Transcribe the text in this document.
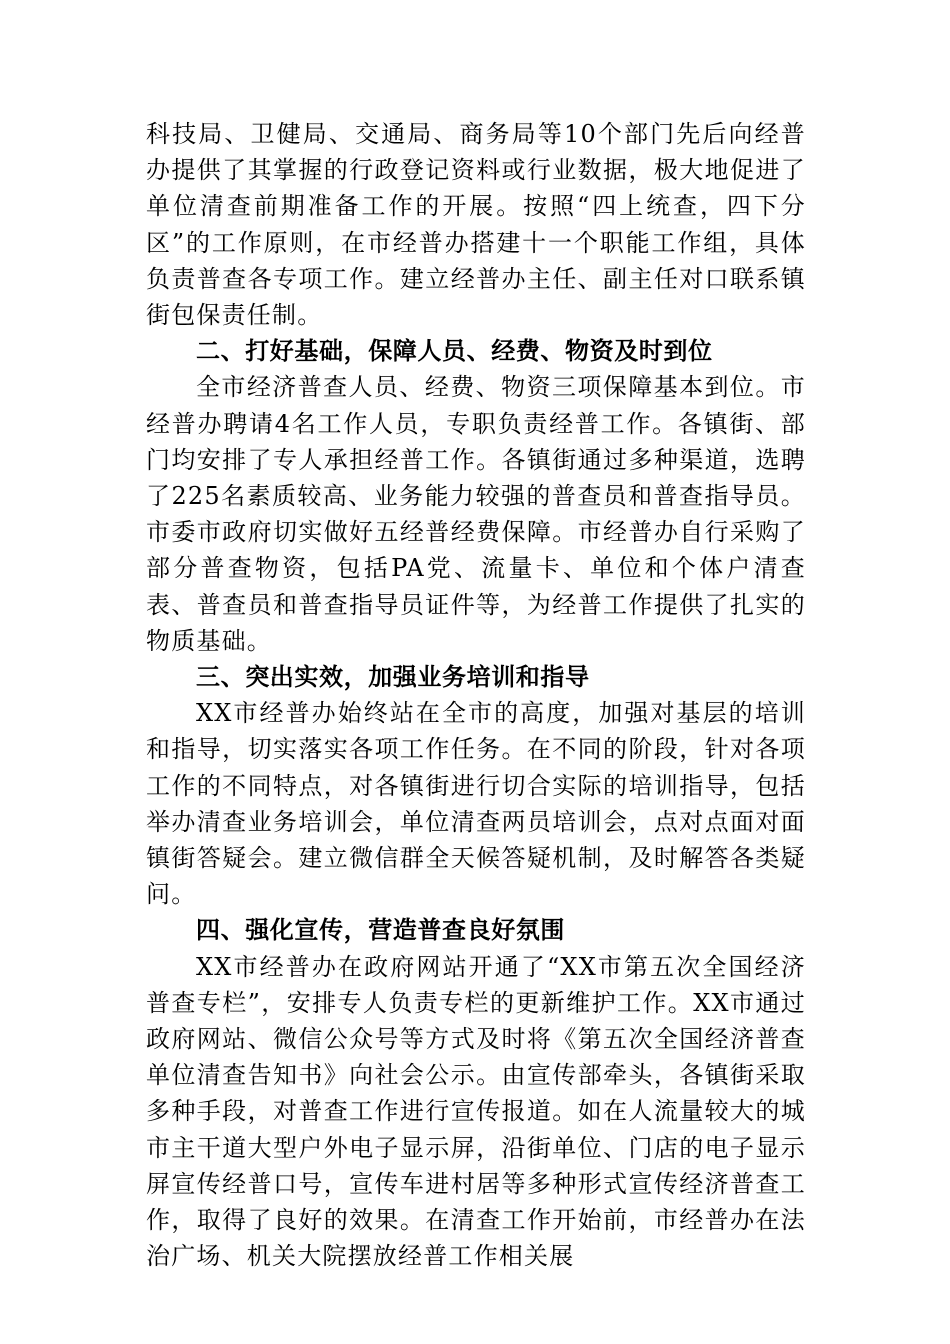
科技局、卫健局、交通局、商务局等10个部门先后向经普办提供了其掌握的行政登记资料或行业数据，极大地促进了单位清查前期准备工作的开展。按照“四上统查，四下分区”的工作原则，在市经普办搭建十一个职能工作组，具体负责普查各专项工作。建立经普办主任、副主任对口联系镇街包保责任制。

二、打好基础，保障人员、经费、物资及时到位

全市经济普查人员、经费、物资三项保障基本到位。市经普办聘请4名工作人员，专职负责经普工作。各镇街、部门均安排了专人承担经普工作。各镇街通过多种渠道，选聘了225名素质较高、业务能力较强的普查员和普查指导员。市委市政府切实做好五经普经费保障。市经普办自行采购了部分普查物资，包括PA党、流量卡、单位和个体户清查表、普查员和普查指导员证件等，为经普工作提供了扎实的物质基础。

三、突出实效，加强业务培训和指导

XX市经普办始终站在全市的高度，加强对基层的培训和指导，切实落实各项工作任务。在不同的阶段，针对各项工作的不同特点，对各镇街进行切合实际的培训指导，包括举办清查业务培训会，单位清查两员培训会，点对点面对面镇街答疑会。建立微信群全天候答疑机制，及时解答各类疑问。

四、强化宣传，营造普查良好氛围

XX市经普办在政府网站开通了“XX市第五次全国经济普查专栏”，安排专人负责专栏的更新维护工作。XX市通过政府网站、微信公众号等方式及时将《第五次全国经济普查单位清查告知书》向社会公示。由宣传部牵头，各镇街采取多种手段，对普查工作进行宣传报道。如在人流量较大的城市主干道大型户外电子显示屏，沿街单位、门店的电子显示屏宣传经普口号，宣传车进村居等多种形式宣传经济普查工作，取得了良好的效果。在清查工作开始前，市经普办在法治广场、机关大院摆放经普工作相关展
